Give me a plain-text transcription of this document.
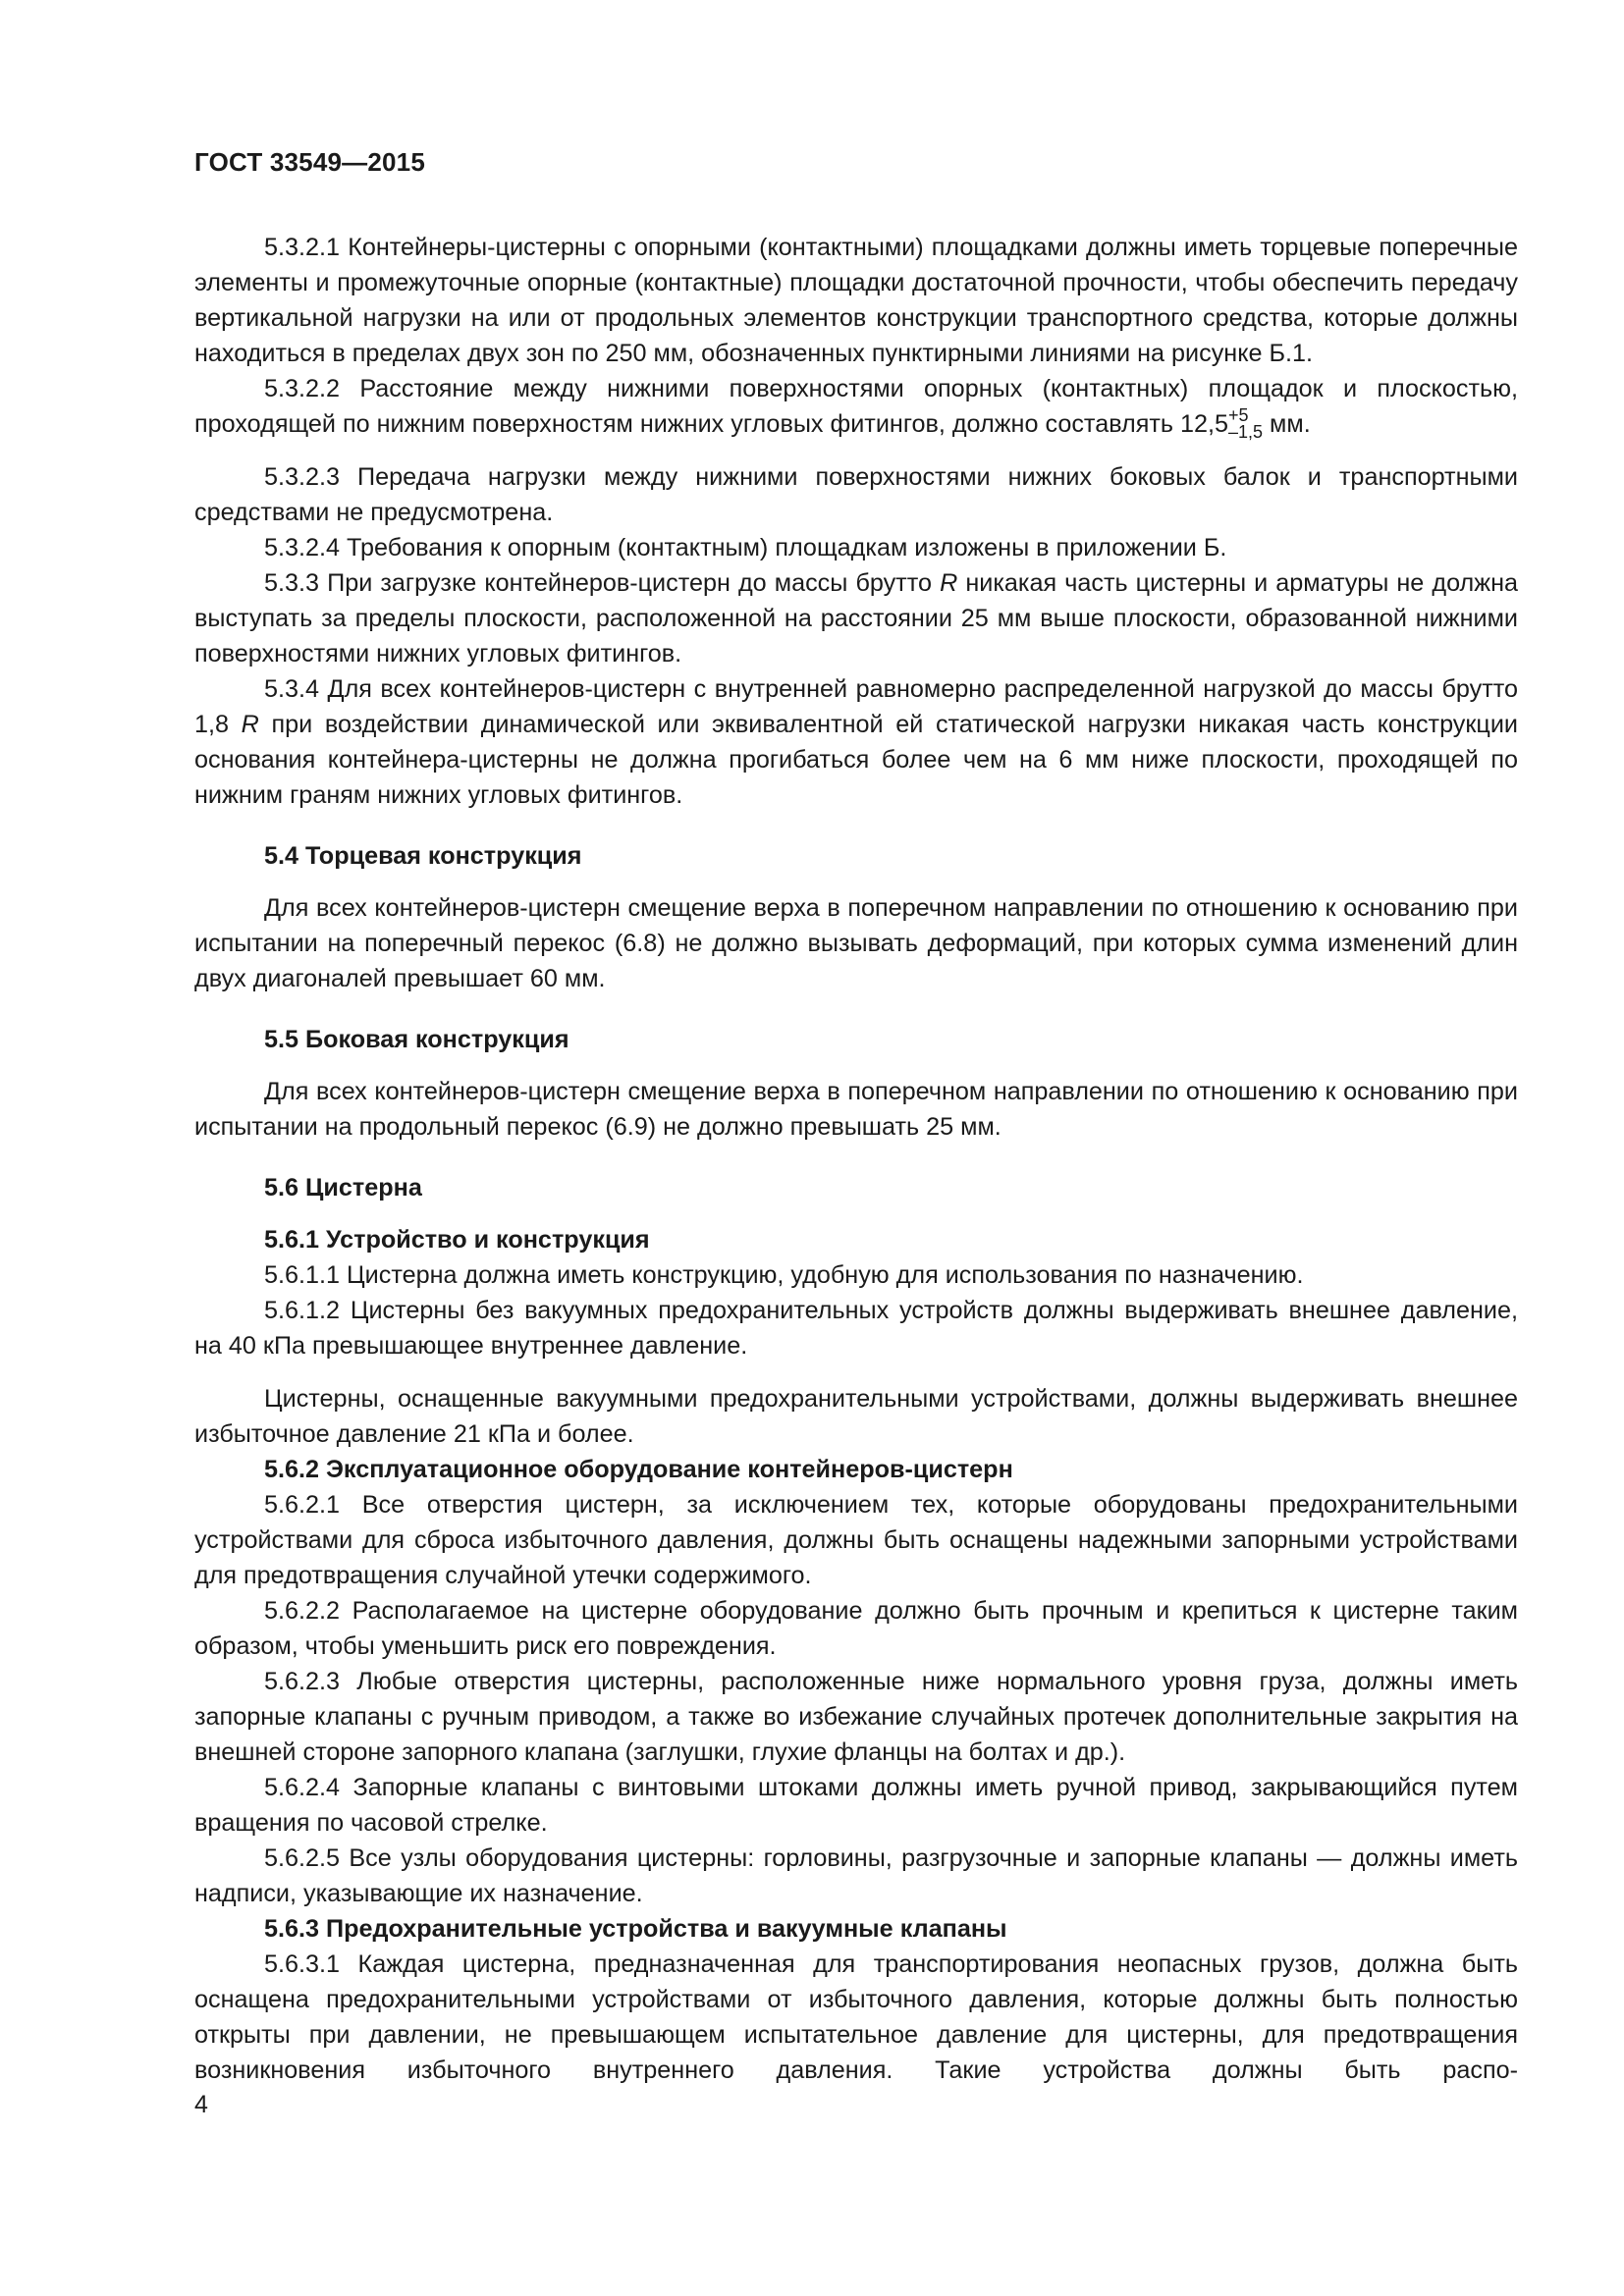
ГОСТ 33549—2015

5.3.2.1 Контейнеры-цистерны с опорными (контактными) площадками должны иметь торцевые поперечные элементы и промежуточные опорные (контактные) площадки достаточной прочности, чтобы обеспечить передачу вертикальной нагрузки на или от продольных элементов конструкции транспортного средства, которые должны находиться в пределах двух зон по 250 мм, обозначенных пунктирными линиями на рисунке Б.1.

5.3.2.2 Расстояние между нижними поверхностями опорных (контактных) площадок и плоскостью, проходящей по нижним поверхностям нижних угловых фитингов, должно составлять 12,5 +5
–1,5 мм.

5.3.2.3 Передача нагрузки между нижними поверхностями нижних боковых балок и транспортными средствами не предусмотрена.

5.3.2.4 Требования к опорным (контактным) площадкам изложены в приложении Б.

5.3.3 При загрузке контейнеров-цистерн до массы брутто R никакая часть цистерны и арматуры не должна выступать за пределы плоскости, расположенной на расстоянии 25 мм выше плоскости, образованной нижними поверхностями нижних угловых фитингов.

5.3.4 Для всех контейнеров-цистерн с внутренней равномерно распределенной нагрузкой до массы брутто 1,8 R при воздействии динамической или эквивалентной ей статической нагрузки никакая часть конструкции основания контейнера-цистерны не должна прогибаться более чем на 6 мм ниже плоскости, проходящей по нижним граням нижних угловых фитингов.

5.4 Торцевая конструкция

Для всех контейнеров-цистерн смещение верха в поперечном направлении по отношению к основанию при испытании на поперечный перекос (6.8) не должно вызывать деформаций, при которых сумма изменений длин двух диагоналей превышает 60 мм.

5.5 Боковая конструкция

Для всех контейнеров-цистерн смещение верха в поперечном направлении по отношению к основанию при испытании на продольный перекос (6.9) не должно превышать 25 мм.

5.6 Цистерна
5.6.1 Устройство и конструкция

5.6.1.1 Цистерна должна иметь конструкцию, удобную для использования по назначению.

5.6.1.2 Цистерны без вакуумных предохранительных устройств должны выдерживать внешнее давление, на 40 кПа превышающее внутреннее давление.

Цистерны, оснащенные вакуумными предохранительными устройствами, должны выдерживать внешнее избыточное давление 21 кПа и более.

5.6.2 Эксплуатационное оборудование контейнеров-цистерн

5.6.2.1 Все отверстия цистерн, за исключением тех, которые оборудованы предохранительными устройствами для сброса избыточного давления, должны быть оснащены надежными запорными устройствами для предотвращения случайной утечки содержимого.

5.6.2.2 Располагаемое на цистерне оборудование должно быть прочным и крепиться к цистерне таким образом, чтобы уменьшить риск его повреждения.

5.6.2.3 Любые отверстия цистерны, расположенные ниже нормального уровня груза, должны иметь запорные клапаны с ручным приводом, а также во избежание случайных протечек дополнительные закрытия на внешней стороне запорного клапана (заглушки, глухие фланцы на болтах и др.).

5.6.2.4 Запорные клапаны с винтовыми штоками должны иметь ручной привод, закрывающийся путем вращения по часовой стрелке.

5.6.2.5 Все узлы оборудования цистерны: горловины, разгрузочные и запорные клапаны — должны иметь надписи, указывающие их назначение.

5.6.3 Предохранительные устройства и вакуумные клапаны

5.6.3.1 Каждая цистерна, предназначенная для транспортирования неопасных грузов, должна быть оснащена предохранительными устройствами от избыточного давления, которые должны быть полностью открыты при давлении, не превышающем испытательное давление для цистерны, для предотвращения возникновения избыточного внутреннего давления. Такие устройства должны быть распо-

4
